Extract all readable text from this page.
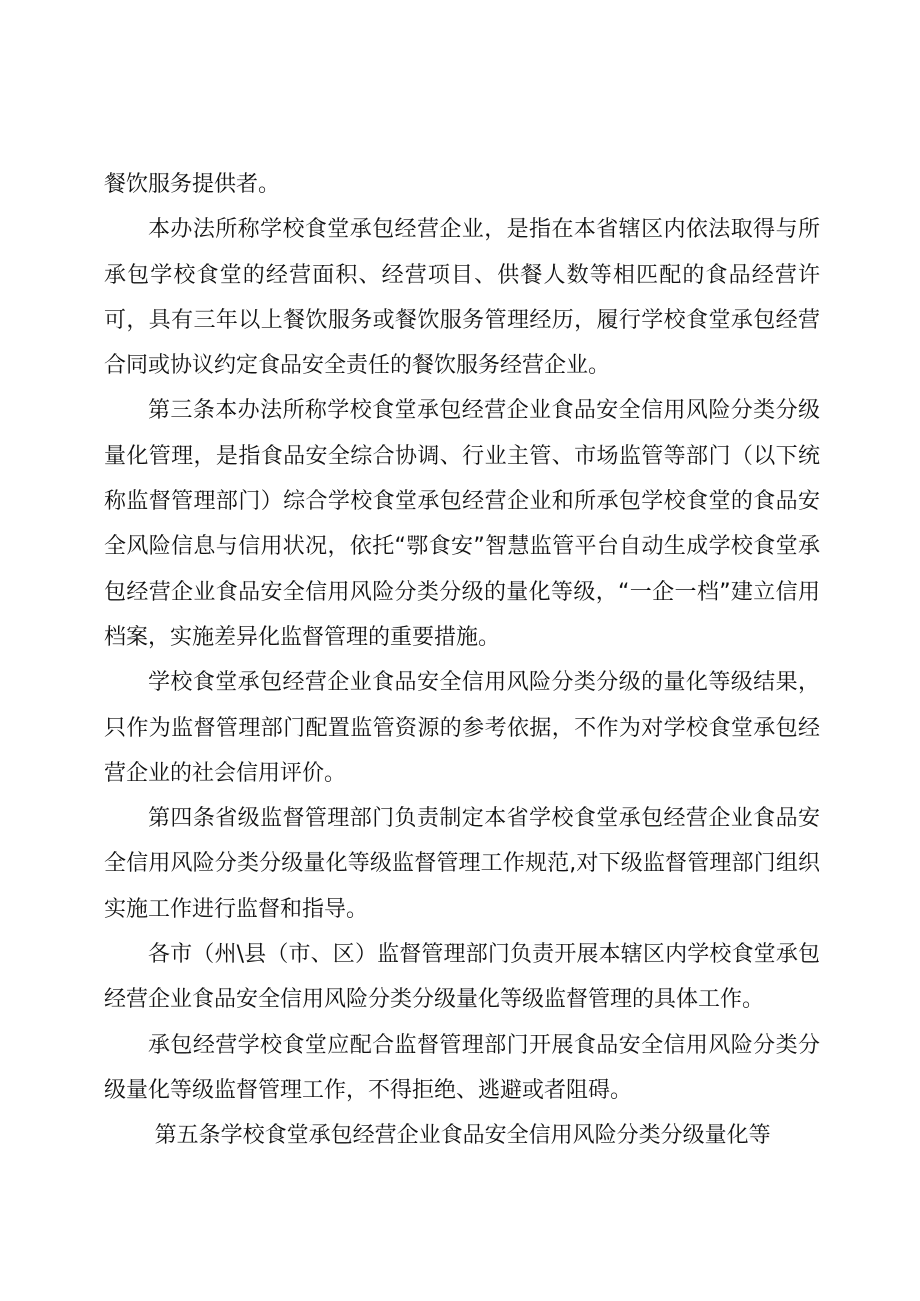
餐饮服务提供者。

本办法所称学校食堂承包经营企业，是指在本省辖区内依法取得与所承包学校食堂的经营面积、经营项目、供餐人数等相匹配的食品经营许可，具有三年以上餐饮服务或餐饮服务管理经历，履行学校食堂承包经营合同或协议约定食品安全责任的餐饮服务经营企业。

第三条本办法所称学校食堂承包经营企业食品安全信用风险分类分级量化管理，是指食品安全综合协调、行业主管、市场监管等部门（以下统称监督管理部门）综合学校食堂承包经营企业和所承包学校食堂的食品安全风险信息与信用状况，依托“鄂食安”智慧监管平台自动生成学校食堂承包经营企业食品安全信用风险分类分级的量化等级，“一企一档”建立信用档案，实施差异化监督管理的重要措施。

学校食堂承包经营企业食品安全信用风险分类分级的量化等级结果，只作为监督管理部门配置监管资源的参考依据，不作为对学校食堂承包经营企业的社会信用评价。

第四条省级监督管理部门负责制定本省学校食堂承包经营企业食品安全信用风险分类分级量化等级监督管理工作规范,对下级监督管理部门组织实施工作进行监督和指导。

各市（州\县（市、区）监督管理部门负责开展本辖区内学校食堂承包经营企业食品安全信用风险分类分级量化等级监督管理的具体工作。

承包经营学校食堂应配合监督管理部门开展食品安全信用风险分类分级量化等级监督管理工作，不得拒绝、逃避或者阻碍。

第五条学校食堂承包经营企业食品安全信用风险分类分级量化等
